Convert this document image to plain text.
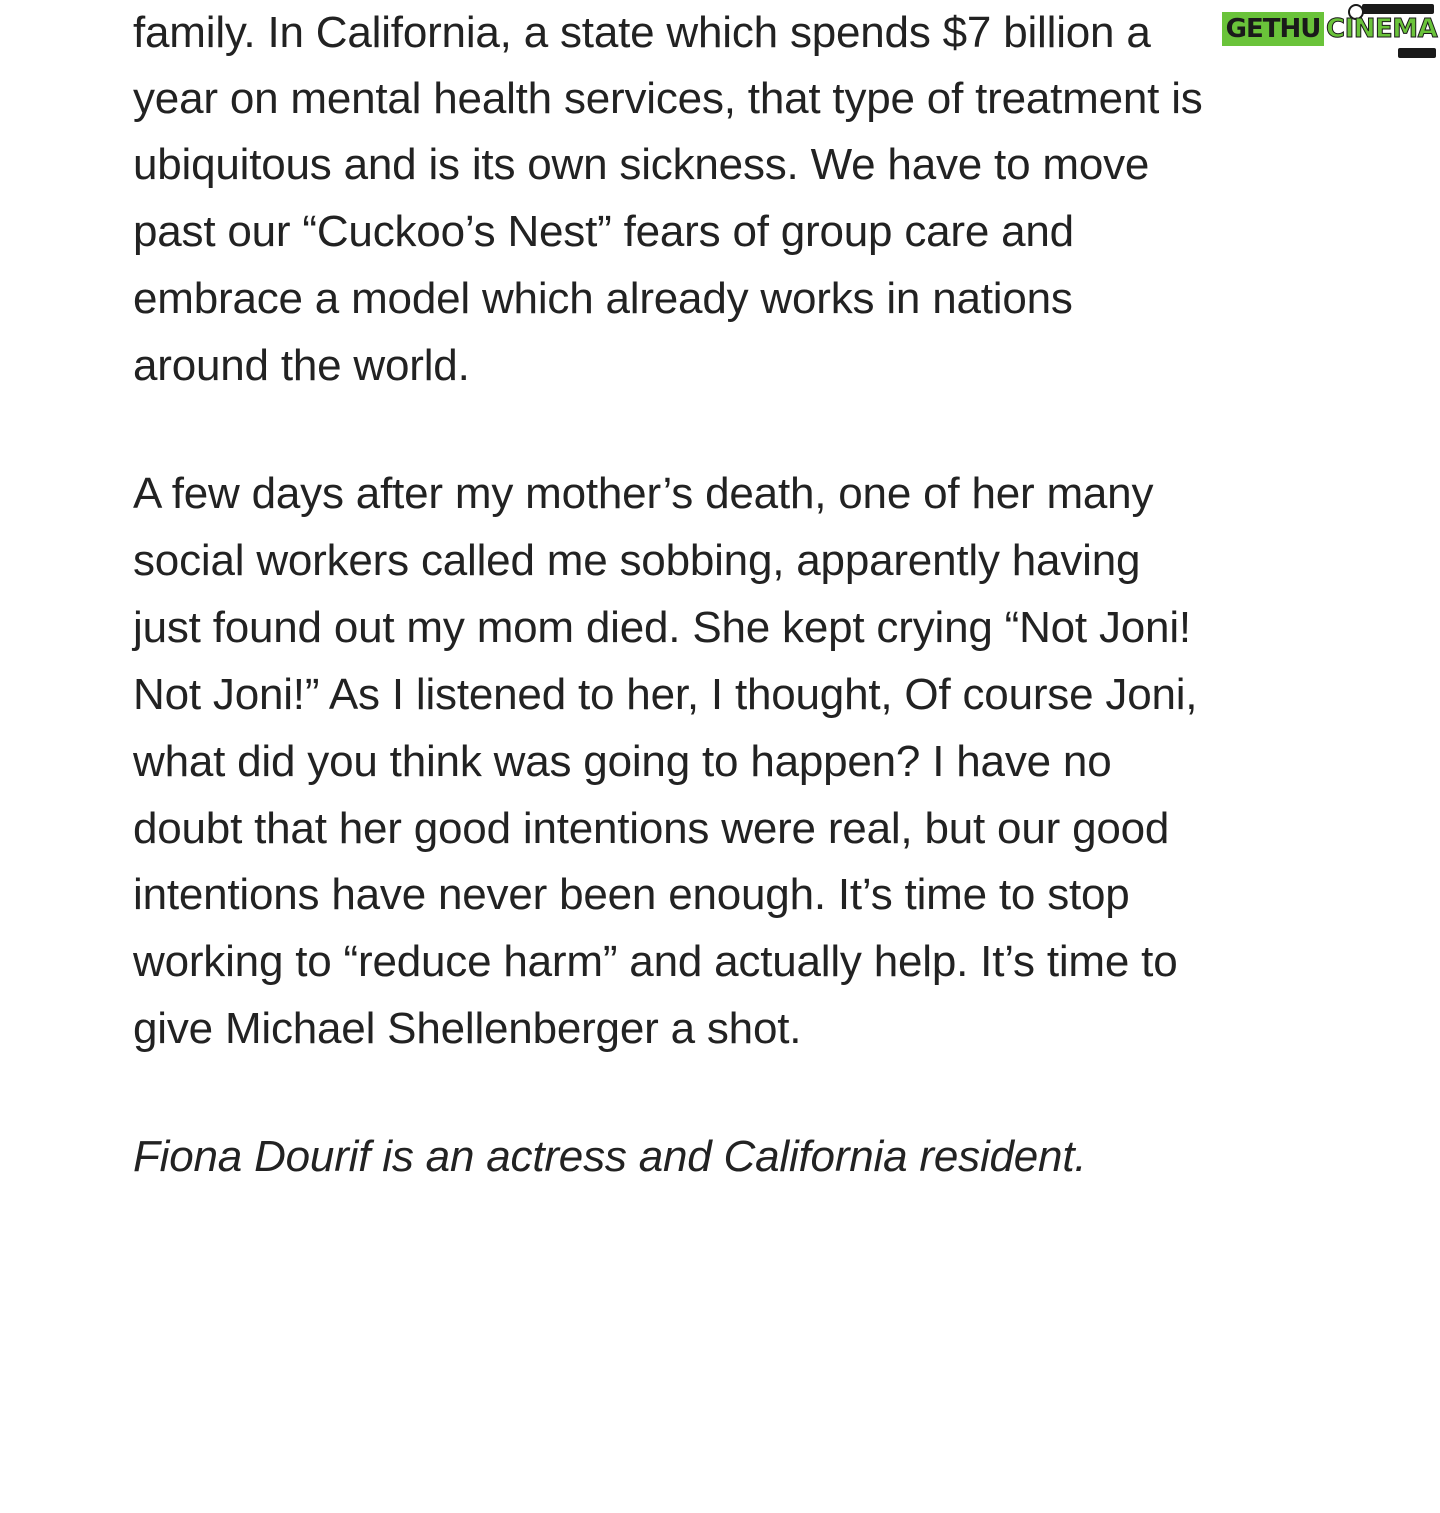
family. In California, a state which spends $7 billion a
year on mental health services, that type of treatment is
ubiquitous and is its own sickness. We have to move
past our “Cuckoo’s Nest” fears of group care and
embrace a model which already works in nations
around the world.
A few days after my mother’s death, one of her many
social workers called me sobbing, apparently having
just found out my mom died. She kept crying “Not Joni!
Not Joni!” As I listened to her, I thought, Of course Joni,
what did you think was going to happen? I have no
doubt that her good intentions were real, but our good
intentions have never been enough. It’s time to stop
working to “reduce harm” and actually help. It’s time to
give Michael Shellenberger a shot.
Fiona Dourif is an actress and California resident.
GETHU CINEMA
